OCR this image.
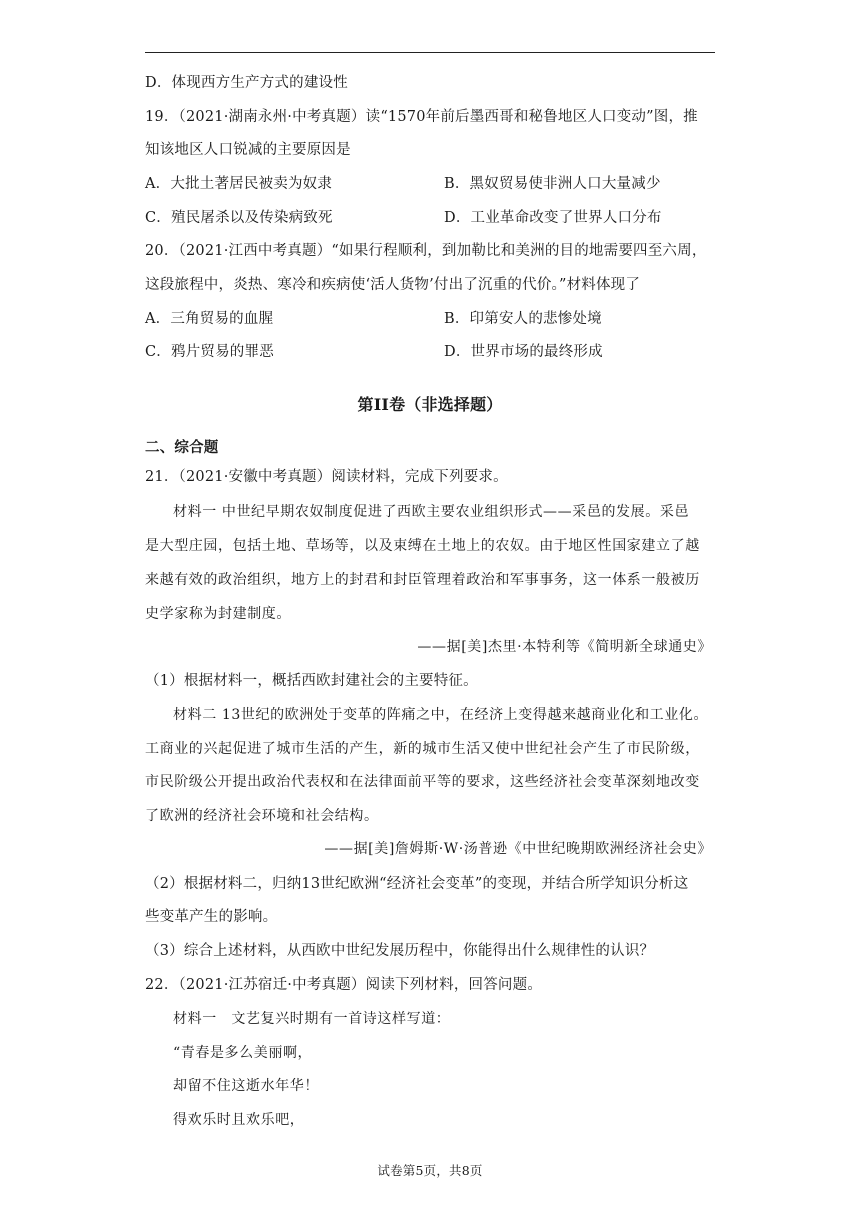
D．体现西方生产方式的建设性
19．（2021·湖南永州·中考真题）读“1570年前后墨西哥和秘鲁地区人口变动”图，推
知该地区人口锐减的主要原因是
A．大批土著居民被卖为奴隶	B．黑奴贸易使非洲人口大量减少
C．殖民屠杀以及传染病致死	D．工业革命改变了世界人口分布
20．（2021·江西中考真题）“如果行程顺利，到加勒比和美洲的目的地需要四至六周，
这段旅程中，炎热、寒冷和疾病使‘活人货物’付出了沉重的代价。”材料体现了
A．三角贸易的血腥	B．印第安人的悲惨处境
C．鸦片贸易的罪恶	D．世界市场的最终形成
第II卷（非选择题）
二、综合题
21．（2021·安徽中考真题）阅读材料，完成下列要求。
材料一 中世纪早期农奴制度促进了西欧主要农业组织形式——采邑的发展。采邑
是大型庄园，包括土地、草场等，以及束缚在土地上的农奴。由于地区性国家建立了越
来越有效的政治组织，地方上的封君和封臣管理着政治和军事事务，这一体系一般被历
史学家称为封建制度。
——据[美]杰里·本特利等《简明新全球通史》
（1）根据材料一，概括西欧封建社会的主要特征。
材料二 13世纪的欧洲处于变革的阵痛之中，在经济上变得越来越商业化和工业化。
工商业的兴起促进了城市生活的产生，新的城市生活又使中世纪社会产生了市民阶级，
市民阶级公开提出政治代表权和在法律面前平等的要求，这些经济社会变革深刻地改变
了欧洲的经济社会环境和社会结构。
——据[美]詹姆斯·W·汤普逊《中世纪晚期欧洲经济社会史》
（2）根据材料二，归纳13世纪欧洲“经济社会变革”的变现，并结合所学知识分析这
些变革产生的影响。
（3）综合上述材料，从西欧中世纪发展历程中，你能得出什么规律性的认识？
22．（2021·江苏宿迁·中考真题）阅读下列材料，回答问题。
材料一　文艺复兴时期有一首诗这样写道：
“青春是多么美丽啊，
却留不住这逝水年华！
得欢乐时且欢乐吧，
试卷第5页，共8页
